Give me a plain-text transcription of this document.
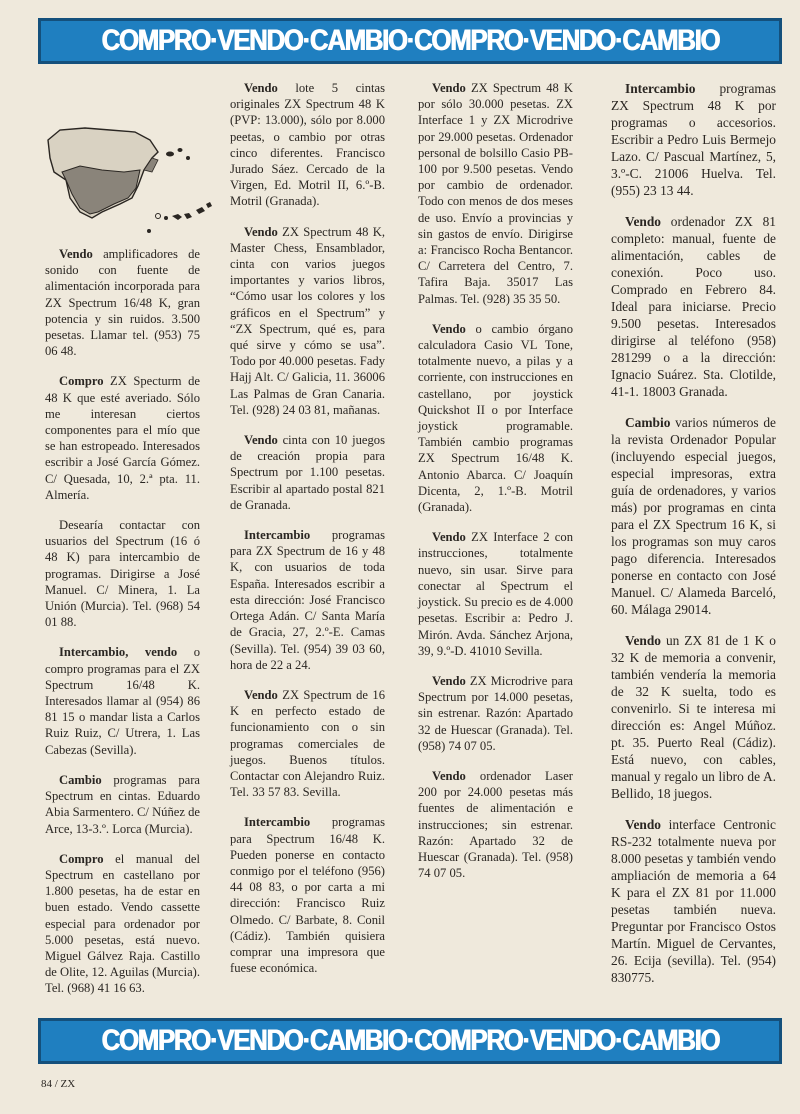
COMPRO·VENDO·CAMBIO·COMPRO·VENDO·CAMBIO

Vendo amplificadores de sonido con fuente de alimentación incorporada para ZX Spectrum 16/48 K, gran potencia y sin ruidos. 3.500 pesetas. Llamar tel. (953) 75 06 48.

Compro ZX Specturm de 48 K que esté averiado. Sólo me interesan ciertos componentes para el mío que se han estropeado. Interesados escribir a José García Gómez. C/ Quesada, 10, 2.ª pta. 11. Almería.

Desearía contactar con usuarios del Spectrum (16 ó 48 K) para intercambio de programas. Dirigirse a José Manuel. C/ Minera, 1. La Unión (Murcia). Tel. (968) 54 01 88.

Intercambio, vendo o compro programas para el ZX Spectrum 16/48 K. Interesados llamar al (954) 86 81 15 o mandar lista a Carlos Ruiz Ruiz, C/ Utrera, 1. Las Cabezas (Sevilla).

Cambio programas para Spectrum en cintas. Eduardo Abia Sarmentero. C/ Núñez de Arce, 13-3.º. Lorca (Murcia).

Compro el manual del Spectrum en castellano por 1.800 pesetas, ha de estar en buen estado. Vendo cassette especial para ordenador por 5.000 pesetas, está nuevo. Miguel Gálvez Raja. Castillo de Olite, 12. Aguilas (Murcia). Tel. (968) 41 16 63.

Vendo lote 5 cintas originales ZX Spectrum 48 K (PVP: 13.000), sólo por 8.000 peetas, o cambio por otras cinco diferentes. Francisco Jurado Sáez. Cercado de la Virgen, Ed. Motril II, 6.º-B. Motril (Granada).

Vendo ZX Spectrum 48 K, Master Chess, Ensamblador, cinta con varios juegos importantes y varios libros, “Cómo usar los colores y los gráficos en el Spectrum” y “ZX Spectrum, qué es, para qué sirve y cómo se usa”. Todo por 40.000 pesetas. Fady Hajj Alt. C/ Galicia, 11. 36006 Las Palmas de Gran Canaria. Tel. (928) 24 03 81, mañanas.

Vendo cinta con 10 juegos de creación propia para Spectrum por 1.100 pesetas. Escribir al apartado postal 821 de Granada.

Intercambio programas para ZX Spectrum de 16 y 48 K, con usuarios de toda España. Interesados escribir a esta dirección: José Francisco Ortega Adán. C/ Santa María de Gracia, 27, 2.º-E. Camas (Sevilla). Tel. (954) 39 03 60, hora de 22 a 24.

Vendo ZX Spectrum de 16 K en perfecto estado de funcionamiento con o sin programas comerciales de juegos. Buenos títulos. Contactar con Alejandro Ruiz. Tel. 33 57 83. Sevilla.

Intercambio programas para Spectrum 16/48 K. Pueden ponerse en contacto conmigo por el teléfono (956) 44 08 83, o por carta a mi dirección: Francisco Ruiz Olmedo. C/ Barbate, 8. Conil (Cádiz). También quisiera comprar una impresora que fuese económica.

Vendo ZX Spectrum 48 K por sólo 30.000 pesetas. ZX Interface 1 y ZX Microdrive por 29.000 pesetas. Ordenador personal de bolsillo Casio PB-100 por 9.500 pesetas. Vendo por cambio de ordenador. Todo con menos de dos meses de uso. Envío a provincias y sin gastos de envío. Dirigirse a: Francisco Rocha Bentancor. C/ Carretera del Centro, 7. Tafira Baja. 35017 Las Palmas. Tel. (928) 35 35 50.

Vendo o cambio órgano calculadora Casio VL Tone, totalmente nuevo, a pilas y a corriente, con instrucciones en castellano, por joystick Quickshot II o por Interface joystick programable. También cambio programas ZX Spectrum 16/48 K. Antonio Abarca. C/ Joaquín Dicenta, 2, 1.º-B. Motril (Granada).

Vendo ZX Interface 2 con instrucciones, totalmente nuevo, sin usar. Sirve para conectar al Spectrum el joystick. Su precio es de 4.000 pesetas. Escribir a: Pedro J. Mirón. Avda. Sánchez Arjona, 39, 9.º-D. 41010 Sevilla.

Vendo ZX Microdrive para Spectrum por 14.000 pesetas, sin estrenar. Razón: Apartado 32 de Huescar (Granada). Tel. (958) 74 07 05.

Vendo ordenador Laser 200 por 24.000 pesetas más fuentes de alimentación e instrucciones; sin estrenar. Razón: Apartado 32 de Huescar (Granada). Tel. (958) 74 07 05.

Intercambio programas ZX Spectrum 48 K por programas o accesorios. Escribir a Pedro Luis Bermejo Lazo. C/ Pascual Martínez, 5, 3.º-C. 21006 Huelva. Tel. (955) 23 13 44.

Vendo ordenador ZX 81 completo: manual, fuente de alimentación, cables de conexión. Poco uso. Comprado en Febrero 84. Ideal para iniciarse. Precio 9.500 pesetas. Interesados dirigirse al teléfono (958) 281299 o a la dirección: Ignacio Suárez. Sta. Clotilde, 41-1. 18003 Granada.

Cambio varios números de la revista Ordenador Popular (incluyendo especial juegos, especial impresoras, extra guía de ordenadores, y varios más) por programas en cinta para el ZX Spectrum 16 K, si los programas son muy caros pago diferencia. Interesados ponerse en contacto con José Manuel. C/ Alameda Barceló, 60. Málaga 29014.

Vendo un ZX 81 de 1 K o 32 K de memoria a convenir, también vendería la memoria de 32 K suelta, todo es convenirlo. Si te interesa mi dirección es: Angel Múñoz. pt. 35. Puerto Real (Cádiz). Está nuevo, con cables, manual y regalo un libro de A. Bellido, 18 juegos.

Vendo interface Centronic RS-232 totalmente nueva por 8.000 pesetas y también vendo ampliación de memoria a 64 K para el ZX 81 por 11.000 pesetas también nueva. Preguntar por Francisco Ostos Martín. Miguel de Cervantes, 26. Ecija (sevilla). Tel. (954) 830775.

COMPRO·VENDO·CAMBIO·COMPRO·VENDO·CAMBIO
84 / ZX
